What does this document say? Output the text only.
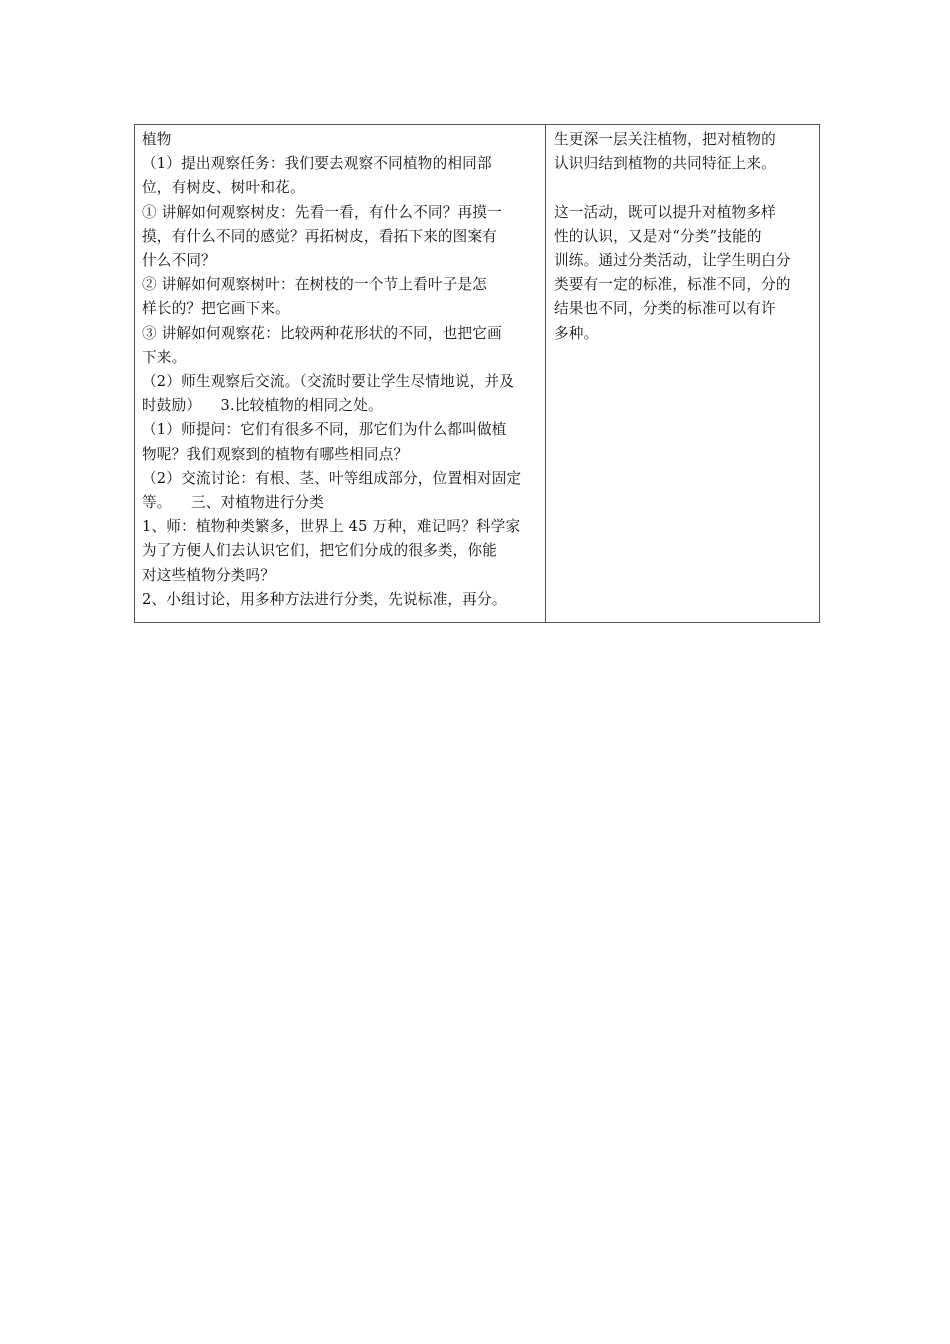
植物
（1）提出观察任务：我们要去观察不同植物的相同部
位，有树皮、树叶和花。
① 讲解如何观察树皮：先看一看，有什么不同？再摸一
摸，有什么不同的感觉？再拓树皮，看拓下来的图案有
什么不同？
② 讲解如何观察树叶：在树枝的一个节上看叶子是怎
样长的？把它画下来。
③ 讲解如何观察花：比较两种花形状的不同，也把它画
下来。
（2）师生观察后交流。（交流时要让学生尽情地说，并及
时鼓励）    3.比较植物的相同之处。
（1）师提问：它们有很多不同，那它们为什么都叫做植
物呢？我们观察到的植物有哪些相同点？
（2）交流讨论：有根、茎、叶等组成部分，位置相对固定
等。    三、对植物进行分类
1、师：植物种类繁多，世界上 45 万种，难记吗？科学家
为了方便人们去认识它们，把它们分成的很多类，你能
对这些植物分类吗？
2、小组讨论，用多种方法进行分类，先说标准，再分。
生更深一层关注植物，把对植物的
认识归结到植物的共同特征上来。
这一活动，既可以提升对植物多样
性的认识，又是对“分类”技能的
训练。通过分类活动，让学生明白分
类要有一定的标准，标准不同，分的
结果也不同，分类的标准可以有许
多种。
